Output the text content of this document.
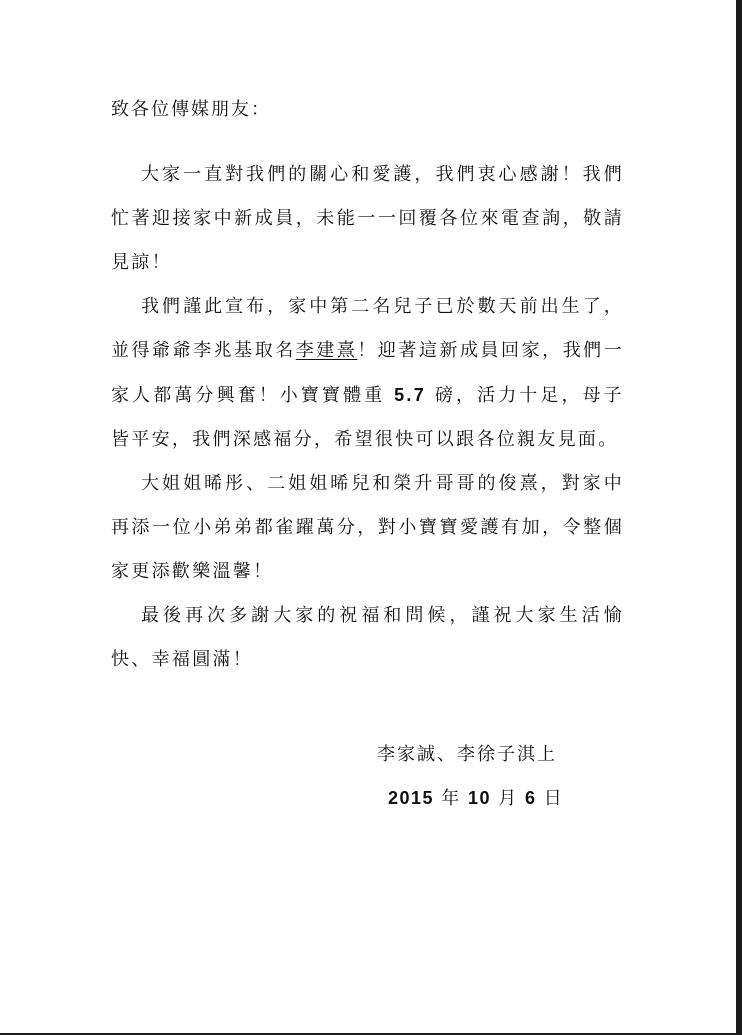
致各位傳媒朋友：

大家一直對我們的關心和愛護，我們衷心感謝！我們忙著迎接家中新成員，未能一一回覆各位來電查詢，敬請見諒！

我們謹此宣布，家中第二名兒子已於數天前出生了，並得爺爺李兆基取名李建熹！迎著這新成員回家，我們一家人都萬分興奮！小寶寶體重 5.7 磅，活力十足，母子皆平安，我們深感福分，希望很快可以跟各位親友見面。

大姐姐晞彤、二姐姐晞兒和榮升哥哥的俊熹，對家中再添一位小弟弟都雀躍萬分，對小寶寶愛護有加，令整個家更添歡樂溫馨！

最後再次多謝大家的祝福和問候，謹祝大家生活愉快、幸福圓滿！

李家誠、李徐子淇上
2015 年 10 月 6 日
